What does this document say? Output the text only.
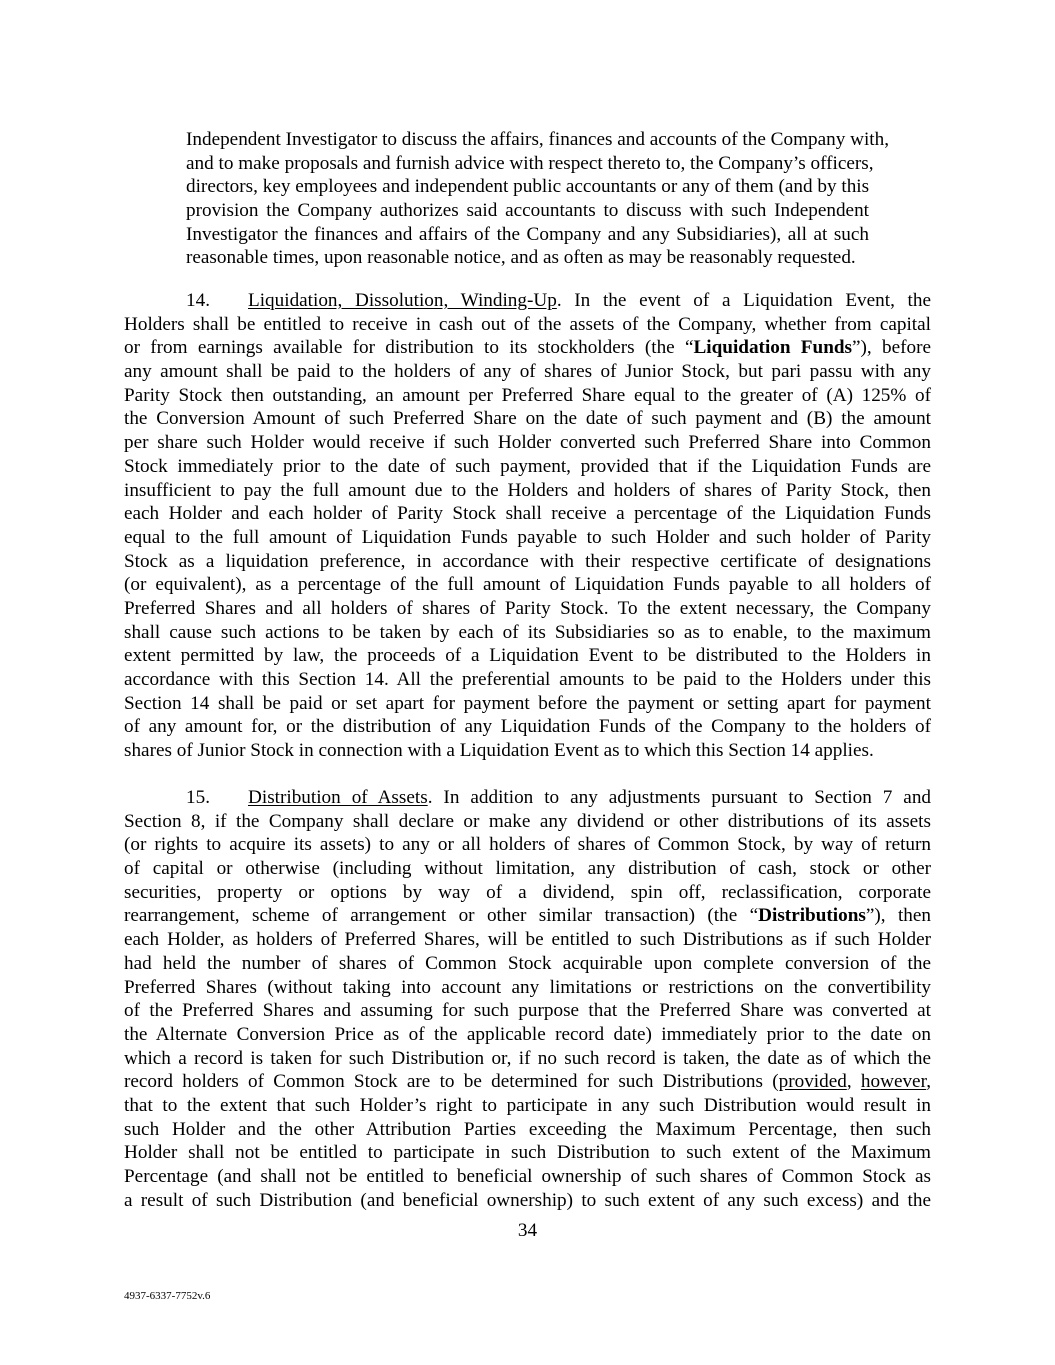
Independent Investigator to discuss the affairs, finances and accounts of the Company with,
and to make proposals and furnish advice with respect thereto to, the Company’s officers,
directors, key employees and independent public accountants or any of them (and by this
provision the Company authorizes said accountants to discuss with such Independent
Investigator the finances and affairs of the Company and any Subsidiaries), all at such
reasonable times, upon reasonable notice, and as often as may be reasonably requested.
14. Liquidation, Dissolution, Winding-Up. In the event of a Liquidation Event, the
Holders shall be entitled to receive in cash out of the assets of the Company, whether from capital
or from earnings available for distribution to its stockholders (the “Liquidation Funds”), before
any amount shall be paid to the holders of any of shares of Junior Stock, but pari passu with any
Parity Stock then outstanding, an amount per Preferred Share equal to the greater of (A) 125% of
the Conversion Amount of such Preferred Share on the date of such payment and (B) the amount
per share such Holder would receive if such Holder converted such Preferred Share into Common
Stock immediately prior to the date of such payment, provided that if the Liquidation Funds are
insufficient to pay the full amount due to the Holders and holders of shares of Parity Stock, then
each Holder and each holder of Parity Stock shall receive a percentage of the Liquidation Funds
equal to the full amount of Liquidation Funds payable to such Holder and such holder of Parity
Stock as a liquidation preference, in accordance with their respective certificate of designations
(or equivalent), as a percentage of the full amount of Liquidation Funds payable to all holders of
Preferred Shares and all holders of shares of Parity Stock. To the extent necessary, the Company
shall cause such actions to be taken by each of its Subsidiaries so as to enable, to the maximum
extent permitted by law, the proceeds of a Liquidation Event to be distributed to the Holders in
accordance with this Section 14. All the preferential amounts to be paid to the Holders under this
Section 14 shall be paid or set apart for payment before the payment or setting apart for payment
of any amount for, or the distribution of any Liquidation Funds of the Company to the holders of
shares of Junior Stock in connection with a Liquidation Event as to which this Section 14 applies.
15. Distribution of Assets. In addition to any adjustments pursuant to Section 7 and
Section 8, if the Company shall declare or make any dividend or other distributions of its assets
(or rights to acquire its assets) to any or all holders of shares of Common Stock, by way of return
of capital or otherwise (including without limitation, any distribution of cash, stock or other
securities, property or options by way of a dividend, spin off, reclassification, corporate
rearrangement, scheme of arrangement or other similar transaction) (the “Distributions”), then
each Holder, as holders of Preferred Shares, will be entitled to such Distributions as if such Holder
had held the number of shares of Common Stock acquirable upon complete conversion of the
Preferred Shares (without taking into account any limitations or restrictions on the convertibility
of the Preferred Shares and assuming for such purpose that the Preferred Share was converted at
the Alternate Conversion Price as of the applicable record date) immediately prior to the date on
which a record is taken for such Distribution or, if no such record is taken, the date as of which the
record holders of Common Stock are to be determined for such Distributions (provided, however,
that to the extent that such Holder’s right to participate in any such Distribution would result in
such Holder and the other Attribution Parties exceeding the Maximum Percentage, then such
Holder shall not be entitled to participate in such Distribution to such extent of the Maximum
Percentage (and shall not be entitled to beneficial ownership of such shares of Common Stock as
a result of such Distribution (and beneficial ownership) to such extent of any such excess) and the
34
4937-6337-7752v.6
